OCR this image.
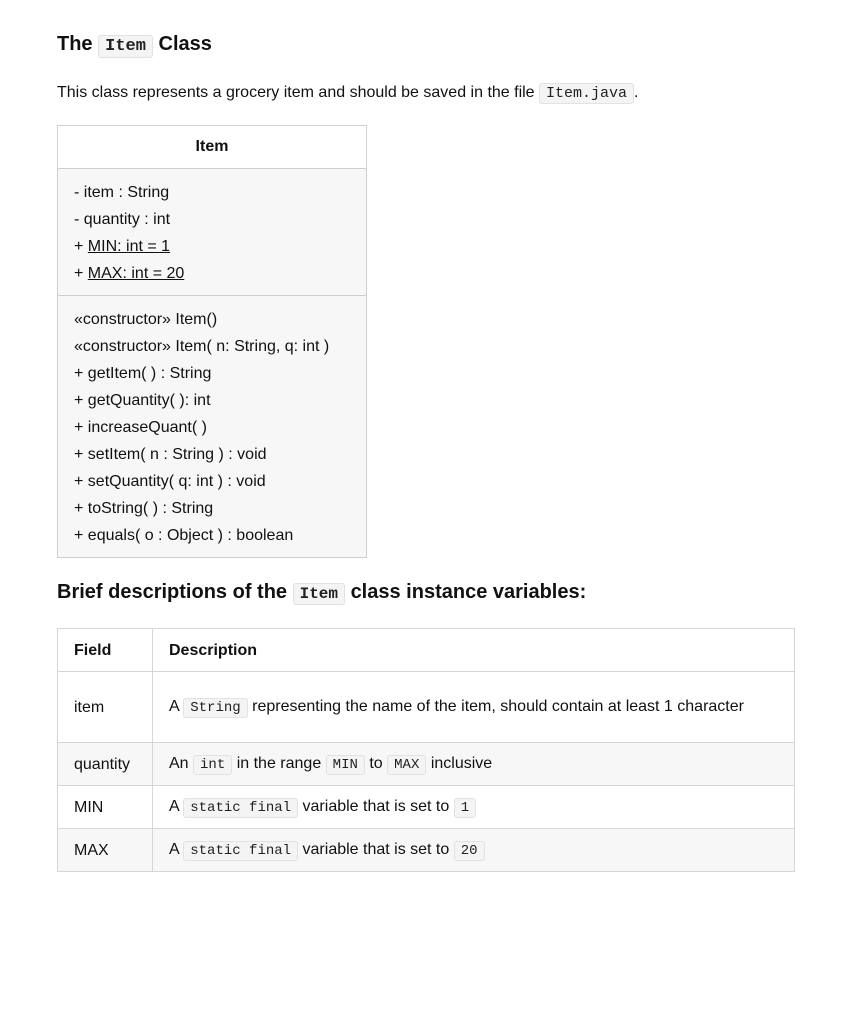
The Item Class

This class represents a grocery item and should be saved in the file Item.java .

Item
- item : String
- quantity : int
+ MIN: int = 1
+ MAX: int = 20
«constructor» Item()
«constructor» Item( n: String, q: int )
+ getItem( ) : String
+ getQuantity( ): int
+ increaseQuant( )
+ setItem( n : String ) : void
+ setQuantity( q: int ) : void
+ toString( ) : String
+ equals( o : Object ) : boolean
Brief descriptions of the Item class instance variables:
Field	Description
item	A String representing the name of the item, should contain at least 1 character
quantity	An int in the range MIN to MAX inclusive
MIN	A static final variable that is set to 1
MAX	A static final variable that is set to 20
